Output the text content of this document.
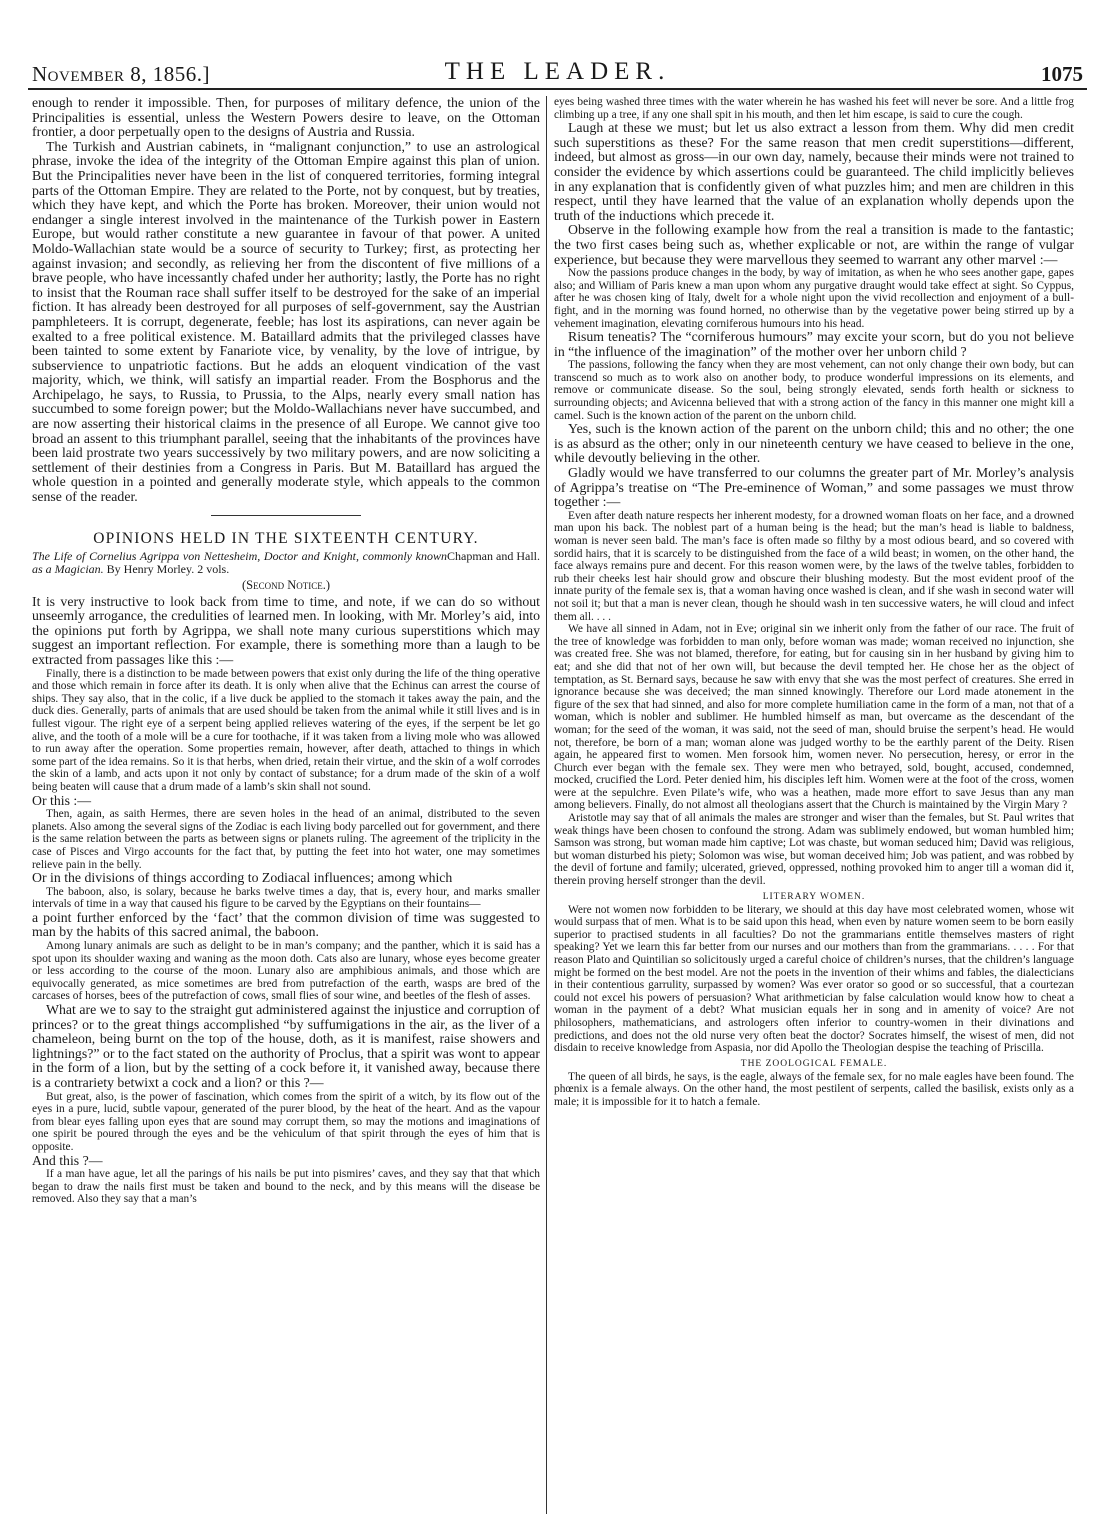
November 8, 1856.]	THE LEADER.	1075

enough to render it impossible. Then, for purposes of military defence, the union of the Principalities is essential, unless the Western Powers desire to leave, on the Ottoman frontier, a door perpetually open to the designs of Austria and Russia.

The Turkish and Austrian cabinets, in “malignant conjunction,” to use an astrological phrase, invoke the idea of the integrity of the Ottoman Empire against this plan of union. But the Principalities never have been in the list of conquered territories, forming integral parts of the Ottoman Empire. They are related to the Porte, not by conquest, but by treaties, which they have kept, and which the Porte has broken. Moreover, their union would not endanger a single interest involved in the maintenance of the Turkish power in Eastern Europe, but would rather constitute a new guarantee in favour of that power. A united Moldo-Wallachian state would be a source of security to Turkey; first, as protecting her against invasion; and secondly, as relieving her from the discontent of five millions of a brave people, who have incessantly chafed under her authority; lastly, the Porte has no right to insist that the Rouman race shall suffer itself to be destroyed for the sake of an imperial fiction. It has already been destroyed for all purposes of self-government, say the Austrian pamphleteers. It is corrupt, degenerate, feeble; has lost its aspirations, can never again be exalted to a free political existence. M. Bataillard admits that the privileged classes have been tainted to some extent by Fanariote vice, by venality, by the love of intrigue, by subservience to unpatriotic factions. But he adds an eloquent vindication of the vast majority, which, we think, will satisfy an impartial reader. From the Bosphorus and the Archipelago, he says, to Russia, to Prussia, to the Alps, nearly every small nation has succumbed to some foreign power; but the Moldo-Wallachians never have succumbed, and are now asserting their historical claims in the presence of all Europe. We cannot give too broad an assent to this triumphant parallel, seeing that the inhabitants of the provinces have been laid prostrate two years successively by two military powers, and are now soliciting a settlement of their destinies from a Congress in Paris. But M. Bataillard has argued the whole question in a pointed and generally moderate style, which appeals to the common sense of the reader.

OPINIONS HELD IN THE SIXTEENTH CENTURY.

Chapman and Hall.
The Life of Cornelius Agrippa von Nettesheim, Doctor and Knight, commonly known as a Magician. By Henry Morley. 2 vols.

(Second Notice.)

It is very instructive to look back from time to time, and note, if we can do so without unseemly arrogance, the credulities of learned men. In looking, with Mr. Morley’s aid, into the opinions put forth by Agrippa, we shall note many curious superstitions which may suggest an important reflection. For example, there is something more than a laugh to be extracted from passages like this :—

Finally, there is a distinction to be made between powers that exist only during the life of the thing operative and those which remain in force after its death. It is only when alive that the Echinus can arrest the course of ships. They say also, that in the colic, if a live duck be applied to the stomach it takes away the pain, and the duck dies. Generally, parts of animals that are used should be taken from the animal while it still lives and is in fullest vigour. The right eye of a serpent being applied relieves watering of the eyes, if the serpent be let go alive, and the tooth of a mole will be a cure for toothache, if it was taken from a living mole who was allowed to run away after the operation. Some properties remain, however, after death, attached to things in which some part of the idea remains. So it is that herbs, when dried, retain their virtue, and the skin of a wolf corrodes the skin of a lamb, and acts upon it not only by contact of substance; for a drum made of the skin of a wolf being beaten will cause that a drum made of a lamb’s skin shall not sound.

Or this :—

Then, again, as saith Hermes, there are seven holes in the head of an animal, distributed to the seven planets. Also among the several signs of the Zodiac is each living body parcelled out for government, and there is the same relation between the parts as between signs or planets ruling. The agreement of the triplicity in the case of Pisces and Virgo accounts for the fact that, by putting the feet into hot water, one may sometimes relieve pain in the belly.

Or in the divisions of things according to Zodiacal influences; among which

The baboon, also, is solary, because he barks twelve times a day, that is, every hour, and marks smaller intervals of time in a way that caused his figure to be carved by the Egyptians on their fountains—

a point further enforced by the ‘fact’ that the common division of time was suggested to man by the habits of this sacred animal, the baboon.

Among lunary animals are such as delight to be in man’s company; and the panther, which it is said has a spot upon its shoulder waxing and waning as the moon doth. Cats also are lunary, whose eyes become greater or less according to the course of the moon. Lunary also are amphibious animals, and those which are equivocally generated, as mice sometimes are bred from putrefaction of the earth, wasps are bred of the carcases of horses, bees of the putrefaction of cows, small flies of sour wine, and beetles of the flesh of asses.

What are we to say to the straight gut administered against the injustice and corruption of princes? or to the great things accomplished “by suffumigations in the air, as the liver of a chameleon, being burnt on the top of the house, doth, as it is manifest, raise showers and lightnings?” or to the fact stated on the authority of Proclus, that a spirit was wont to appear in the form of a lion, but by the setting of a cock before it, it vanished away, because there is a contrariety betwixt a cock and a lion? or this ?—

But great, also, is the power of fascination, which comes from the spirit of a witch, by its flow out of the eyes in a pure, lucid, subtle vapour, generated of the purer blood, by the heat of the heart. And as the vapour from blear eyes falling upon eyes that are sound may corrupt them, so may the motions and imaginations of one spirit be poured through the eyes and be the vehiculum of that spirit through the eyes of him that is opposite.

And this ?—

If a man have ague, let all the parings of his nails be put into pismires’ caves, and they say that that which began to draw the nails first must be taken and bound to the neck, and by this means will the disease be removed. Also they say that a man’s

eyes being washed three times with the water wherein he has washed his feet will never be sore. And a little frog climbing up a tree, if any one shall spit in his mouth, and then let him escape, is said to cure the cough.

Laugh at these we must; but let us also extract a lesson from them. Why did men credit such superstitions as these? For the same reason that men credit superstitions—different, indeed, but almost as gross—in our own day, namely, because their minds were not trained to consider the evidence by which assertions could be guaranteed. The child implicitly believes in any explanation that is confidently given of what puzzles him; and men are children in this respect, until they have learned that the value of an explanation wholly depends upon the truth of the inductions which precede it.

Observe in the following example how from the real a transition is made to the fantastic; the two first cases being such as, whether explicable or not, are within the range of vulgar experience, but because they were marvellous they seemed to warrant any other marvel :—

Now the passions produce changes in the body, by way of imitation, as when he who sees another gape, gapes also; and William of Paris knew a man upon whom any purgative draught would take effect at sight. So Cyppus, after he was chosen king of Italy, dwelt for a whole night upon the vivid recollection and enjoyment of a bull-fight, and in the morning was found horned, no otherwise than by the vegetative power being stirred up by a vehement imagination, elevating corniferous humours into his head.

Risum teneatis? The “corniferous humours” may excite your scorn, but do you not believe in “the influence of the imagination” of the mother over her unborn child ?

The passions, following the fancy when they are most vehement, can not only change their own body, but can transcend so much as to work also on another body, to produce wonderful impressions on its elements, and remove or communicate disease. So the soul, being strongly elevated, sends forth health or sickness to surrounding objects; and Avicenna believed that with a strong action of the fancy in this manner one might kill a camel. Such is the known action of the parent on the unborn child.

Yes, such is the known action of the parent on the unborn child; this and no other; the one is as absurd as the other; only in our nineteenth century we have ceased to believe in the one, while devoutly believing in the other.

Gladly would we have transferred to our columns the greater part of Mr. Morley’s analysis of Agrippa’s treatise on “The Pre-eminence of Woman,” and some passages we must throw together :—

Even after death nature respects her inherent modesty, for a drowned woman floats on her face, and a drowned man upon his back. The noblest part of a human being is the head; but the man’s head is liable to baldness, woman is never seen bald. The man’s face is often made so filthy by a most odious beard, and so covered with sordid hairs, that it is scarcely to be distinguished from the face of a wild beast; in women, on the other hand, the face always remains pure and decent. For this reason women were, by the laws of the twelve tables, forbidden to rub their cheeks lest hair should grow and obscure their blushing modesty. But the most evident proof of the innate purity of the female sex is, that a woman having once washed is clean, and if she wash in second water will not soil it; but that a man is never clean, though he should wash in ten successive waters, he will cloud and infect them all. . . .

We have all sinned in Adam, not in Eve; original sin we inherit only from the father of our race. The fruit of the tree of knowledge was forbidden to man only, before woman was made; woman received no injunction, she was created free. She was not blamed, therefore, for eating, but for causing sin in her husband by giving him to eat; and she did that not of her own will, but because the devil tempted her. He chose her as the object of temptation, as St. Bernard says, because he saw with envy that she was the most perfect of creatures. She erred in ignorance because she was deceived; the man sinned knowingly. Therefore our Lord made atonement in the figure of the sex that had sinned, and also for more complete humiliation came in the form of a man, not that of a woman, which is nobler and sublimer. He humbled himself as man, but overcame as the descendant of the woman; for the seed of the woman, it was said, not the seed of man, should bruise the serpent’s head. He would not, therefore, be born of a man; woman alone was judged worthy to be the earthly parent of the Deity. Risen again, he appeared first to women. Men forsook him, women never. No persecution, heresy, or error in the Church ever began with the female sex. They were men who betrayed, sold, bought, accused, condemned, mocked, crucified the Lord. Peter denied him, his disciples left him. Women were at the foot of the cross, women were at the sepulchre. Even Pilate’s wife, who was a heathen, made more effort to save Jesus than any man among believers. Finally, do not almost all theologians assert that the Church is maintained by the Virgin Mary ?

Aristotle may say that of all animals the males are stronger and wiser than the females, but St. Paul writes that weak things have been chosen to confound the strong. Adam was sublimely endowed, but woman humbled him; Samson was strong, but woman made him captive; Lot was chaste, but woman seduced him; David was religious, but woman disturbed his piety; Solomon was wise, but woman deceived him; Job was patient, and was robbed by the devil of fortune and family; ulcerated, grieved, oppressed, nothing provoked him to anger till a woman did it, therein proving herself stronger than the devil.

LITERARY WOMEN.

Were not women now forbidden to be literary, we should at this day have most celebrated women, whose wit would surpass that of men. What is to be said upon this head, when even by nature women seem to be born easily superior to practised students in all faculties? Do not the grammarians entitle themselves masters of right speaking? Yet we learn this far better from our nurses and our mothers than from the grammarians. . . . . For that reason Plato and Quintilian so solicitously urged a careful choice of children’s nurses, that the children’s language might be formed on the best model. Are not the poets in the invention of their whims and fables, the dialecticians in their contentious garrulity, surpassed by women? Was ever orator so good or so successful, that a courtezan could not excel his powers of persuasion? What arithmetician by false calculation would know how to cheat a woman in the payment of a debt? What musician equals her in song and in amenity of voice? Are not philosophers, mathematicians, and astrologers often inferior to country-women in their divinations and predictions, and does not the old nurse very often beat the doctor? Socrates himself, the wisest of men, did not disdain to receive knowledge from Aspasia, nor did Apollo the Theologian despise the teaching of Priscilla.

THE ZOOLOGICAL FEMALE.

The queen of all birds, he says, is the eagle, always of the female sex, for no male eagles have been found. The phœnix is a female always. On the other hand, the most pestilent of serpents, called the basilisk, exists only as a male; it is impossible for it to hatch a female.
